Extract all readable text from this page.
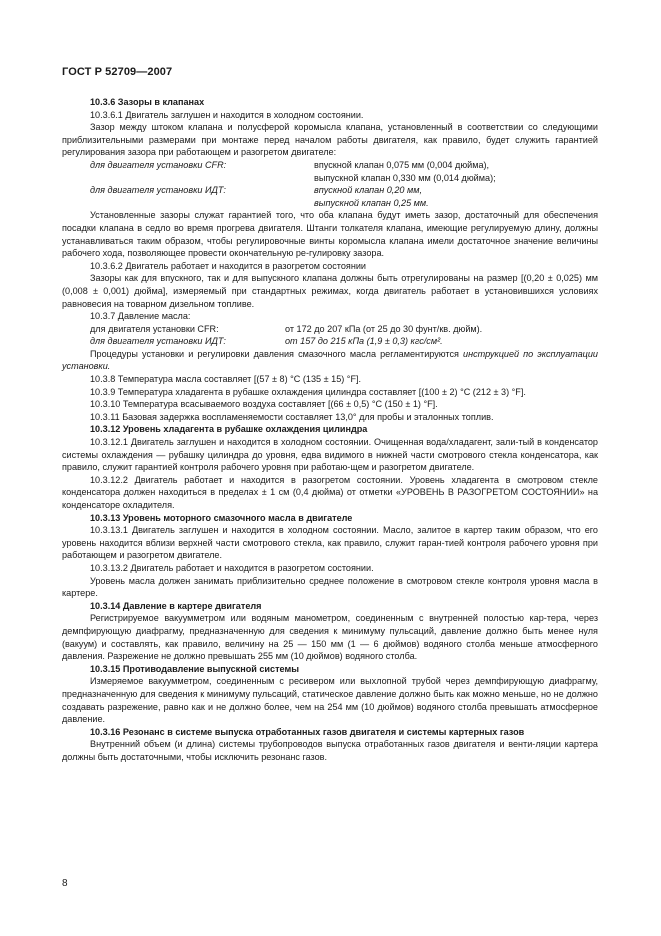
ГОСТ Р 52709—2007

10.3.6 Зазоры в клапанах

10.3.6.1 Двигатель заглушен и находится в холодном состоянии.

Зазор между штоком клапана и полусферой коромысла клапана, установленный в соответствии со следующими приблизительными размерами при монтаже перед началом работы двигателя, как правило, будет служить гарантией регулирования зазора при работающем и разогретом двигателе:

для двигателя установки CFR:	впускной клапан 0,075 мм (0,004 дюйма),
выпускной клапан 0,330 мм (0,014 дюйма);
для двигателя установки ИДТ:	впускной клапан 0,20 мм,
выпускной клапан 0,25 мм.

Установленные зазоры служат гарантией того, что оба клапана будут иметь зазор, достаточный для обеспечения посадки клапана в седло во время прогрева двигателя. Штанги толкателя клапана, имеющие регулируемую длину, должны устанавливаться таким образом, чтобы регулировочные винты коромысла клапана имели достаточное значение величины рабочего хода, позволяющее провести окончательную ре-гулировку зазора.

10.3.6.2 Двигатель работает и находится в разогретом состоянии

Зазоры как для впускного, так и для выпускного клапана должны быть отрегулированы на размер [(0,20 ± 0,025) мм (0,008 ± 0,001) дюйма], измеряемый при стандартных режимах, когда двигатель работает в установившихся условиях равновесия на товарном дизельном топливе.

10.3.7 Давление масла:

для двигателя установки CFR:	от 172 до 207 кПа (от 25 до 30 фунт/кв. дюйм).
для двигателя установки ИДТ:	от 157 до 215 кПа (1,9 ± 0,3) кгс/см².

Процедуры установки и регулировки давления смазочного масла регламентируются инструкцией по эксплуатации установки.

10.3.8 Температура масла составляет [(57 ± 8) °С (135 ± 15) °F].

10.3.9 Температура хладагента в рубашке охлаждения цилиндра составляет [(100 ± 2) °С (212 ± 3) °F].

10.3.10 Температура всасываемого воздуха составляет [(66 ± 0,5) °С (150 ± 1) °F].

10.3.11 Базовая задержка воспламеняемости составляет 13,0° для пробы и эталонных топлив.

10.3.12 Уровень хладагента в рубашке охлаждения цилиндра

10.3.12.1 Двигатель заглушен и находится в холодном состоянии. Очищенная вода/хладагент, зали-тый в конденсатор системы охлаждения — рубашку цилиндра до уровня, едва видимого в нижней части смотрового стекла конденсатора, как правило, служит гарантией контроля рабочего уровня при работаю-щем и разогретом двигателе.

10.3.12.2 Двигатель работает и находится в разогретом состоянии. Уровень хладагента в смотровом стекле конденсатора должен находиться в пределах ± 1 см (0,4 дюйма) от отметки «УРОВЕНЬ В РАЗОГРЕТОМ СОСТОЯНИИ» на конденсаторе охладителя.

10.3.13 Уровень моторного смазочного масла в двигателе

10.3.13.1 Двигатель заглушен и находится в холодном состоянии. Масло, залитое в картер таким образом, что его уровень находится вблизи верхней части смотрового стекла, как правило, служит гаран-тией контроля рабочего уровня при работающем и разогретом двигателе.

10.3.13.2 Двигатель работает и находится в разогретом состоянии.

Уровень масла должен занимать приблизительно среднее положение в смотровом стекле контроля уровня масла в картере.

10.3.14 Давление в картере двигателя

Регистрируемое вакуумметром или водяным манометром, соединенным с внутренней полостью кар-тера, через демпфирующую диафрагму, предназначенную для сведения к минимуму пульсаций, давление должно быть менее нуля (вакуум) и составлять, как правило, величину на 25 — 150 мм (1 — 6 дюймов) водяного столба меньше атмосферного давления. Разрежение не должно превышать 255 мм (10 дюймов) водяного столба.

10.3.15 Противодавление выпускной системы

Измеряемое вакуумметром, соединенным с ресивером или выхлопной трубой через демпфирующую диафрагму, предназначенную для сведения к минимуму пульсаций, статическое давление должно быть как можно меньше, но не должно создавать разрежение, равно как и не должно более, чем на 254 мм (10 дюймов) водяного столба превышать атмосферное давление.

10.3.16 Резонанс в системе выпуска отработанных газов двигателя и системы картерных газов

Внутренний объем (и длина) системы трубопроводов выпуска отработанных газов двигателя и венти-ляции картера должны быть достаточными, чтобы исключить резонанс газов.

8
